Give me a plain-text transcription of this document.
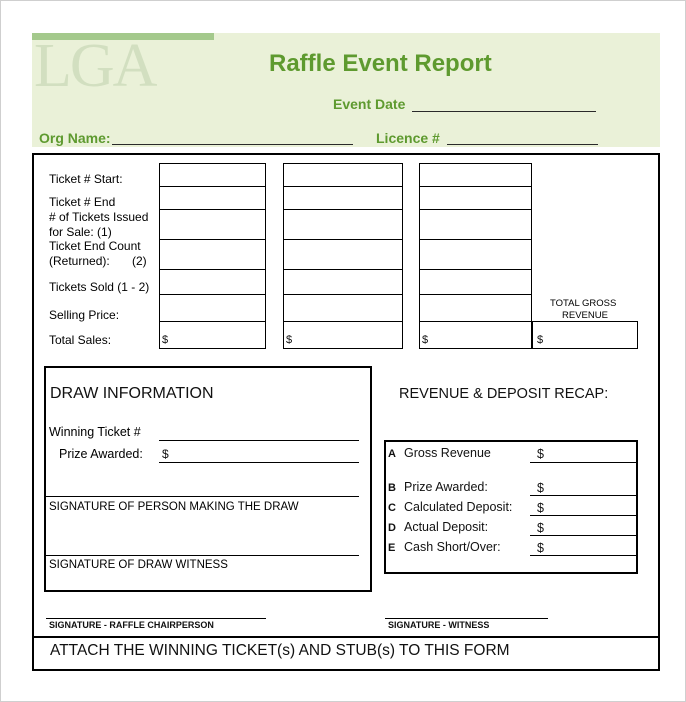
LGA	Raffle Event Report
Event Date
Org Name:	Licence #
Ticket # Start:
Ticket # End
# of Tickets Issued
for Sale: (1)
Ticket End Count
(Returned): (2)
Tickets Sold (1 - 2)
Selling Price:
Total Sales:	$	$	$
TOTAL GROSS
REVENUE
$
DRAW INFORMATION
Winning Ticket #
Prize Awarded: $
SIGNATURE OF PERSON MAKING THE DRAW
SIGNATURE OF DRAW WITNESS
REVENUE & DEPOSIT RECAP:
A Gross Revenue	$
B Prize Awarded:	$
C Calculated Deposit: $
D Actual Deposit:	$
E Cash Short/Over:	$
SIGNATURE - RAFFLE CHAIRPERSON	SIGNATURE - WITNESS
ATTACH THE WINNING TICKET(s) AND STUB(s) TO THIS FORM
